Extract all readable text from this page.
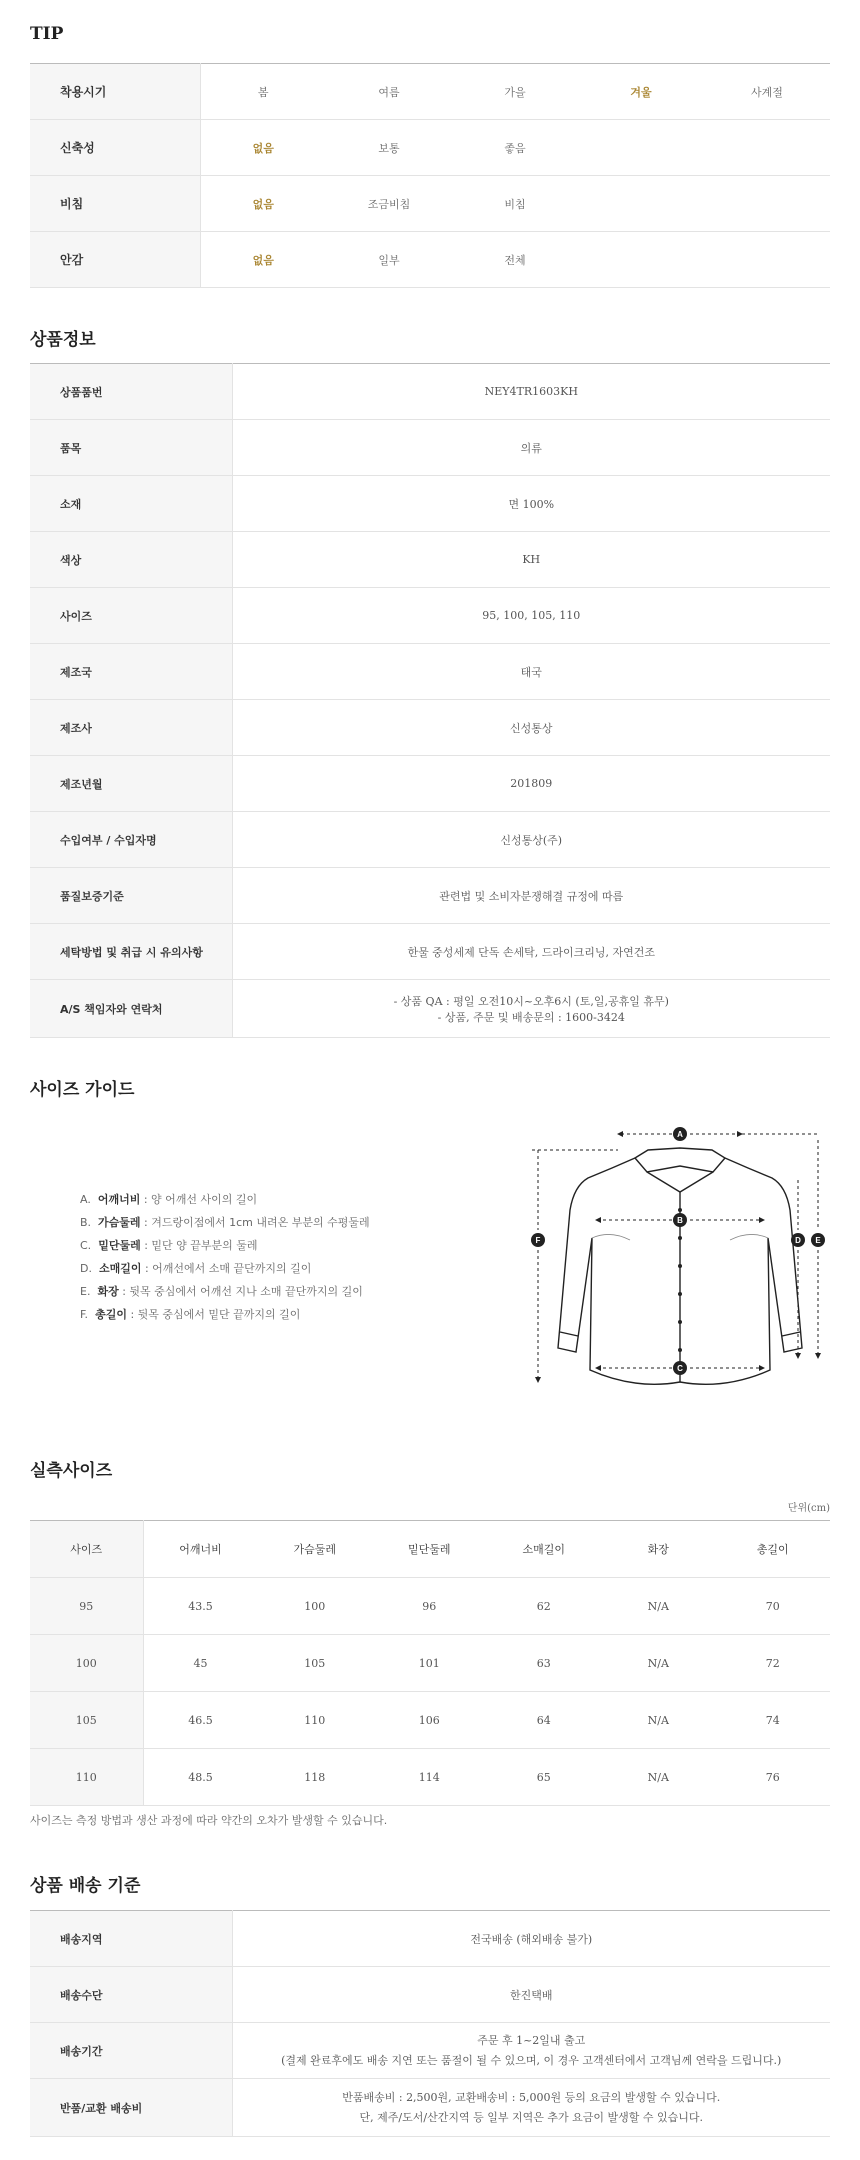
TIP
착용시기	봄	여름	가을	겨울	사계절
신축성	없음	보통	좋음		
비침	없음	조금비침	비침		
안감	없음	일부	전체		
상품정보
상품품번	NEY4TR1603KH
품목	의류
소재	면 100%
색상	KH
사이즈	95, 100, 105, 110
제조국	태국
제조사	신성통상
제조년월	201809
수입여부 / 수입자명	신성통상(주)
품질보증기준	관련법 및 소비자분쟁해결 규정에 따름
세탁방법 및 취급 시 유의사항	한물 중성세제 단독 손세탁, 드라이크리닝, 자연건조
A/S 책임자와 연락처	- 상품 QA : 평일 오전10시~오후6시 (토,일,공휴일 휴무)
- 상품, 주문 및 배송문의 : 1600-3424
사이즈 가이드
A. 어깨너비 : 양 어깨선 사이의 길이
B. 가슴둘레 : 겨드랑이점에서 1cm 내려온 부분의 수평둘레
C. 밑단둘레 : 밑단 양 끝부분의 둘레
D. 소매길이 : 어깨선에서 소매 끝단까지의 길이
E. 화장 : 뒷목 중심에서 어깨선 지나 소매 끝단까지의 길이
F. 총길이 : 뒷목 중심에서 밑단 끝까지의 길이
A
B
C
D E
F
실측사이즈
단위(cm)
사이즈	어깨너비	가슴둘레	밑단둘레	소매길이	화장	총길이
95	43.5	100	96	62	N/A	70
100	45	105	101	63	N/A	72
105	46.5	110	106	64	N/A	74
110	48.5	118	114	65	N/A	76
사이즈는 측정 방법과 생산 과정에 따라 약간의 오차가 발생할 수 있습니다.
상품 배송 기준
배송지역	전국배송 (해외배송 불가)
배송수단	한진택배
배송기간	주문 후 1~2일내 출고
(결제 완료후에도 배송 지연 또는 품절이 될 수 있으며, 이 경우 고객센터에서 고객님께 연락을 드립니다.)

반품/교환 배송비	반품배송비 : 2,500원, 교환배송비 : 5,000원 등의 요금의 발생할 수 있습니다.
단, 제주/도서/산간지역 등 일부 지역은 추가 요금이 발생할 수 있습니다.
